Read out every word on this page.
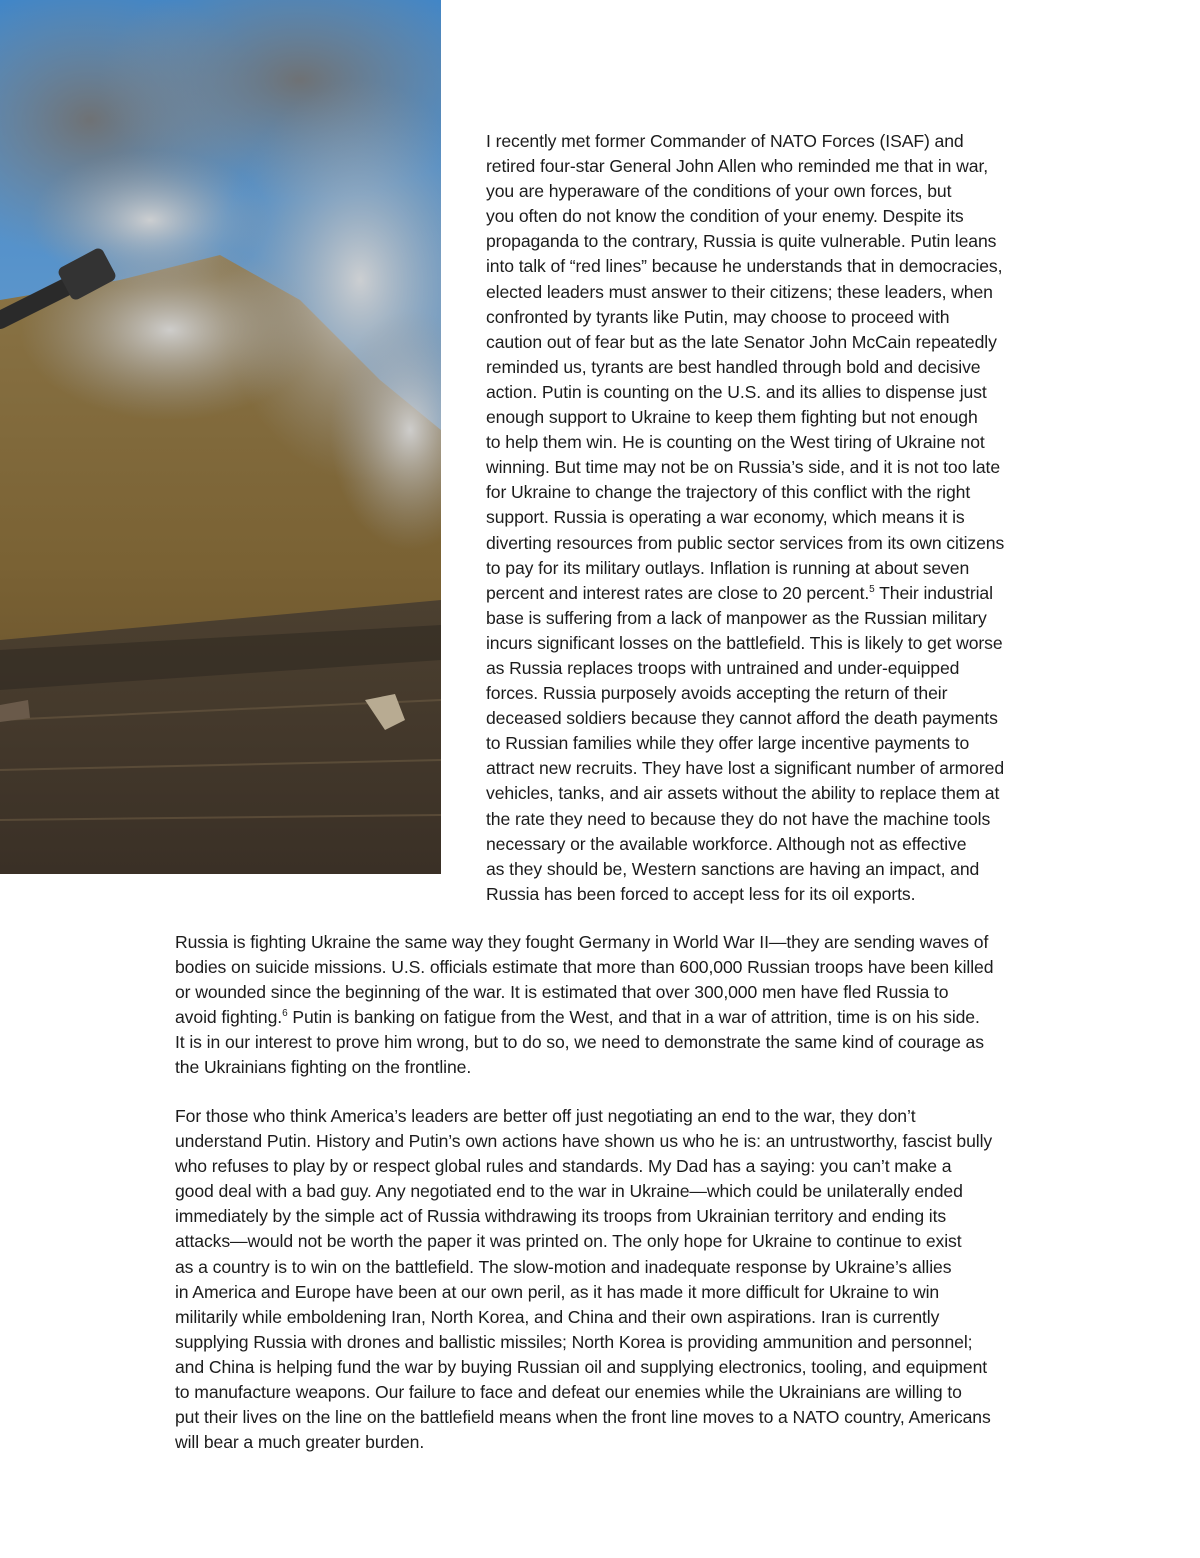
I recently met former Commander of NATO Forces (ISAF) and
retired four-star General John Allen who reminded me that in war,
you are hyperaware of the conditions of your own forces, but
you often do not know the condition of your enemy. Despite its
propaganda to the contrary, Russia is quite vulnerable. Putin leans
into talk of “red lines” because he understands that in democracies,
elected leaders must answer to their citizens; these leaders, when
confronted by tyrants like Putin, may choose to proceed with
caution out of fear but as the late Senator John McCain repeatedly
reminded us, tyrants are best handled through bold and decisive
action. Putin is counting on the U.S. and its allies to dispense just
enough support to Ukraine to keep them fighting but not enough
to help them win. He is counting on the West tiring of Ukraine not
winning. But time may not be on Russia’s side, and it is not too late
for Ukraine to change the trajectory of this conflict with the right
support. Russia is operating a war economy, which means it is
diverting resources from public sector services from its own citizens
to pay for its military outlays. Inflation is running at about seven
percent and interest rates are close to 20 percent.$^5$ Their industrial
base is suffering from a lack of manpower as the Russian military
incurs significant losses on the battlefield. This is likely to get worse
as Russia replaces troops with untrained and under-equipped
forces. Russia purposely avoids accepting the return of their
deceased soldiers because they cannot afford the death payments
to Russian families while they offer large incentive payments to
attract new recruits. They have lost a significant number of armored
vehicles, tanks, and air assets without the ability to replace them at
the rate they need to because they do not have the machine tools
necessary or the available workforce. Although not as effective
as they should be, Western sanctions are having an impact, and
Russia has been forced to accept less for its oil exports.
Russia is fighting Ukraine the same way they fought Germany in World War II—they are sending waves of
bodies on suicide missions. U.S. officials estimate that more than 600,000 Russian troops have been killed
or wounded since the beginning of the war. It is estimated that over 300,000 men have fled Russia to
avoid fighting.$^6$ Putin is banking on fatigue from the West, and that in a war of attrition, time is on his side.
It is in our interest to prove him wrong, but to do so, we need to demonstrate the same kind of courage as
the Ukrainians fighting on the frontline.
For those who think America’s leaders are better off just negotiating an end to the war, they don’t
understand Putin. History and Putin’s own actions have shown us who he is: an untrustworthy, fascist bully
who refuses to play by or respect global rules and standards. My Dad has a saying: you can’t make a
good deal with a bad guy. Any negotiated end to the war in Ukraine—which could be unilaterally ended
immediately by the simple act of Russia withdrawing its troops from Ukrainian territory and ending its
attacks—would not be worth the paper it was printed on. The only hope for Ukraine to continue to exist
as a country is to win on the battlefield. The slow-motion and inadequate response by Ukraine’s allies
in America and Europe have been at our own peril, as it has made it more difficult for Ukraine to win
militarily while emboldening Iran, North Korea, and China and their own aspirations. Iran is currently
supplying Russia with drones and ballistic missiles; North Korea is providing ammunition and personnel;
and China is helping fund the war by buying Russian oil and supplying electronics, tooling, and equipment
to manufacture weapons. Our failure to face and defeat our enemies while the Ukrainians are willing to
put their lives on the line on the battlefield means when the front line moves to a NATO country, Americans
will bear a much greater burden.
